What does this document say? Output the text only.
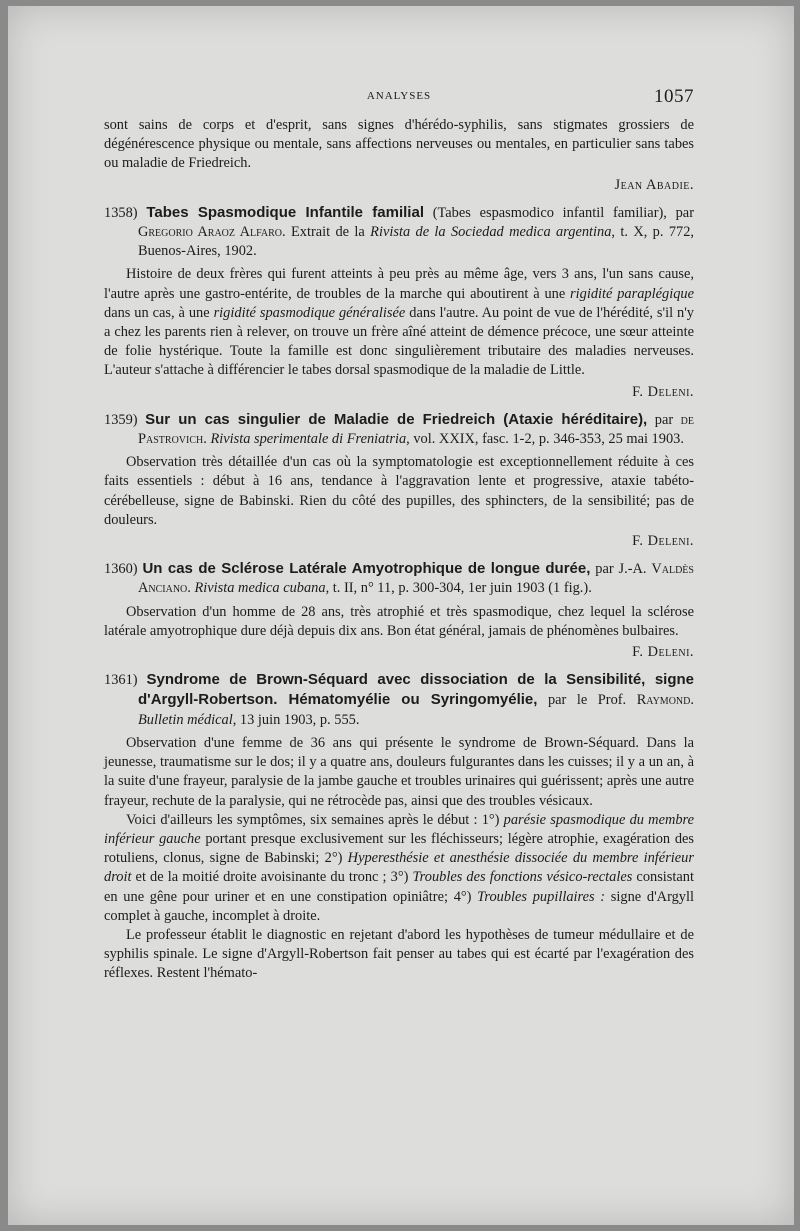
ANALYSES	1057

sont sains de corps et d'esprit, sans signes d'hérédo-syphilis, sans stigmates grossiers de dégénérescence physique ou mentale, sans affections nerveuses ou mentales, en particulier sans tabes ou maladie de Friedreich.

Jean Abadie.

1358) Tabes Spasmodique Infantile familial (Tabes espasmodico infantil familiar), par Gregorio Araoz Alfaro. Extrait de la Rivista de la Sociedad medica argentina, t. X, p. 772, Buenos-Aires, 1902.

Histoire de deux frères qui furent atteints à peu près au même âge, vers 3 ans, l'un sans cause, l'autre après une gastro-entérite, de troubles de la marche qui aboutirent à une rigidité paraplégique dans un cas, à une rigidité spasmodique généralisée dans l'autre. Au point de vue de l'hérédité, s'il n'y a chez les parents rien à relever, on trouve un frère aîné atteint de démence précoce, une sœur atteinte de folie hystérique. Toute la famille est donc singulièrement tributaire des maladies nerveuses. L'auteur s'attache à différencier le tabes dorsal spasmodique de la maladie de Little.

F. Deleni.

1359) Sur un cas singulier de Maladie de Friedreich (Ataxie héréditaire), par de Pastrovich. Rivista sperimentale di Freniatria, vol. XXIX, fasc. 1-2, p. 346-353, 25 mai 1903.

Observation très détaillée d'un cas où la symptomatologie est exceptionnellement réduite à ces faits essentiels : début à 16 ans, tendance à l'aggravation lente et progressive, ataxie tabéto-cérébelleuse, signe de Babinski. Rien du côté des pupilles, des sphincters, de la sensibilité; pas de douleurs.

F. Deleni.

1360) Un cas de Sclérose Latérale Amyotrophique de longue durée, par J.-A. Valdès Anciano. Rivista medica cubana, t. II, n° 11, p. 300-304, 1er juin 1903 (1 fig.).

Observation d'un homme de 28 ans, très atrophié et très spasmodique, chez lequel la sclérose latérale amyotrophique dure déjà depuis dix ans. Bon état général, jamais de phénomènes bulbaires.

F. Deleni.

1361) Syndrome de Brown-Séquard avec dissociation de la Sensibilité, signe d'Argyll-Robertson. Hématomyélie ou Syringomyélie, par le Prof. Raymond. Bulletin médical, 13 juin 1903, p. 555.

Observation d'une femme de 36 ans qui présente le syndrome de Brown-Séquard. Dans la jeunesse, traumatisme sur le dos; il y a quatre ans, douleurs fulgurantes dans les cuisses; il y a un an, à la suite d'une frayeur, paralysie de la jambe gauche et troubles urinaires qui guérissent; après une autre frayeur, rechute de la paralysie, qui ne rétrocède pas, ainsi que des troubles vésicaux.

Voici d'ailleurs les symptômes, six semaines après le début : 1°) parésie spasmodique du membre inférieur gauche portant presque exclusivement sur les fléchisseurs; légère atrophie, exagération des rotuliens, clonus, signe de Babinski; 2°) Hyperesthésie et anesthésie dissociée du membre inférieur droit et de la moitié droite avoisinante du tronc ; 3°) Troubles des fonctions vésico-rectales consistant en une gêne pour uriner et en une constipation opiniâtre; 4°) Troubles pupillaires : signe d'Argyll complet à gauche, incomplet à droite.

Le professeur établit le diagnostic en rejetant d'abord les hypothèses de tumeur médullaire et de syphilis spinale. Le signe d'Argyll-Robertson fait penser au tabes qui est écarté par l'exagération des réflexes. Restent l'hémato-
